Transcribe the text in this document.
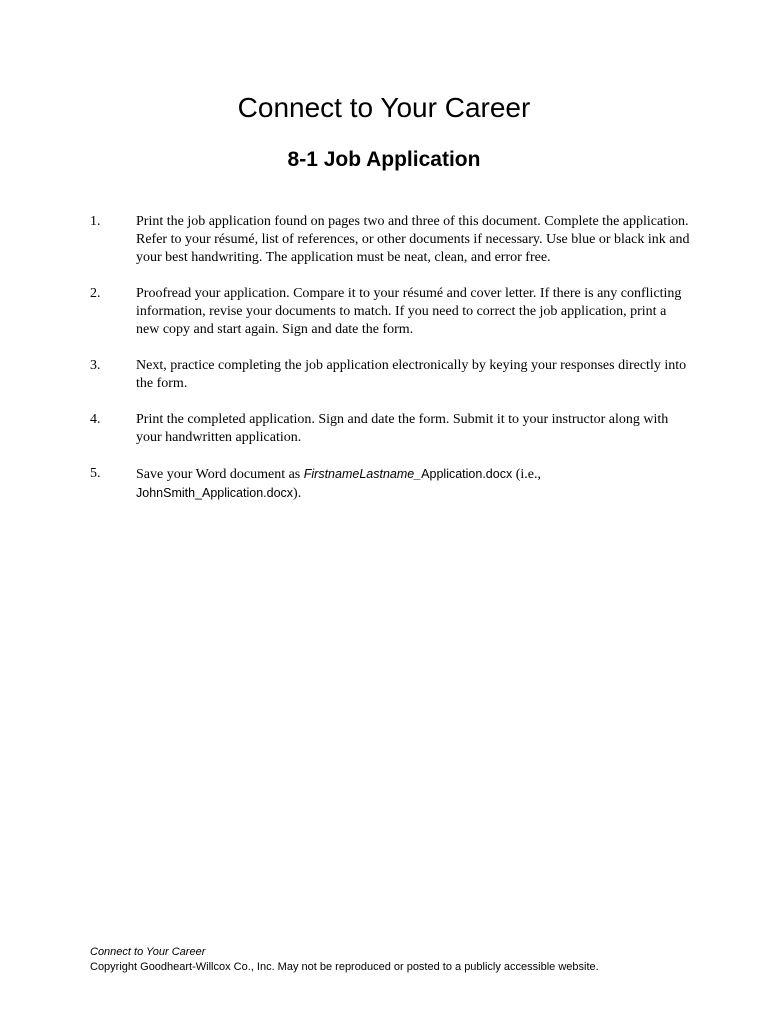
Connect to Your Career
8-1 Job Application
1.	Print the job application found on pages two and three of this document. Complete the application. Refer to your résumé, list of references, or other documents if necessary. Use blue or black ink and your best handwriting. The application must be neat, clean, and error free.
2.	Proofread your application. Compare it to your résumé and cover letter. If there is any conflicting information, revise your documents to match. If you need to correct the job application, print a new copy and start again. Sign and date the form.
3.	Next, practice completing the job application electronically by keying your responses directly into the form.
4.	Print the completed application. Sign and date the form. Submit it to your instructor along with your handwritten application.
5.	Save your Word document as FirstnameLastname_Application.docx (i.e.,
JohnSmith_Application.docx).
Connect to Your Career
Copyright Goodheart-Willcox Co., Inc. May not be reproduced or posted to a publicly accessible website.
